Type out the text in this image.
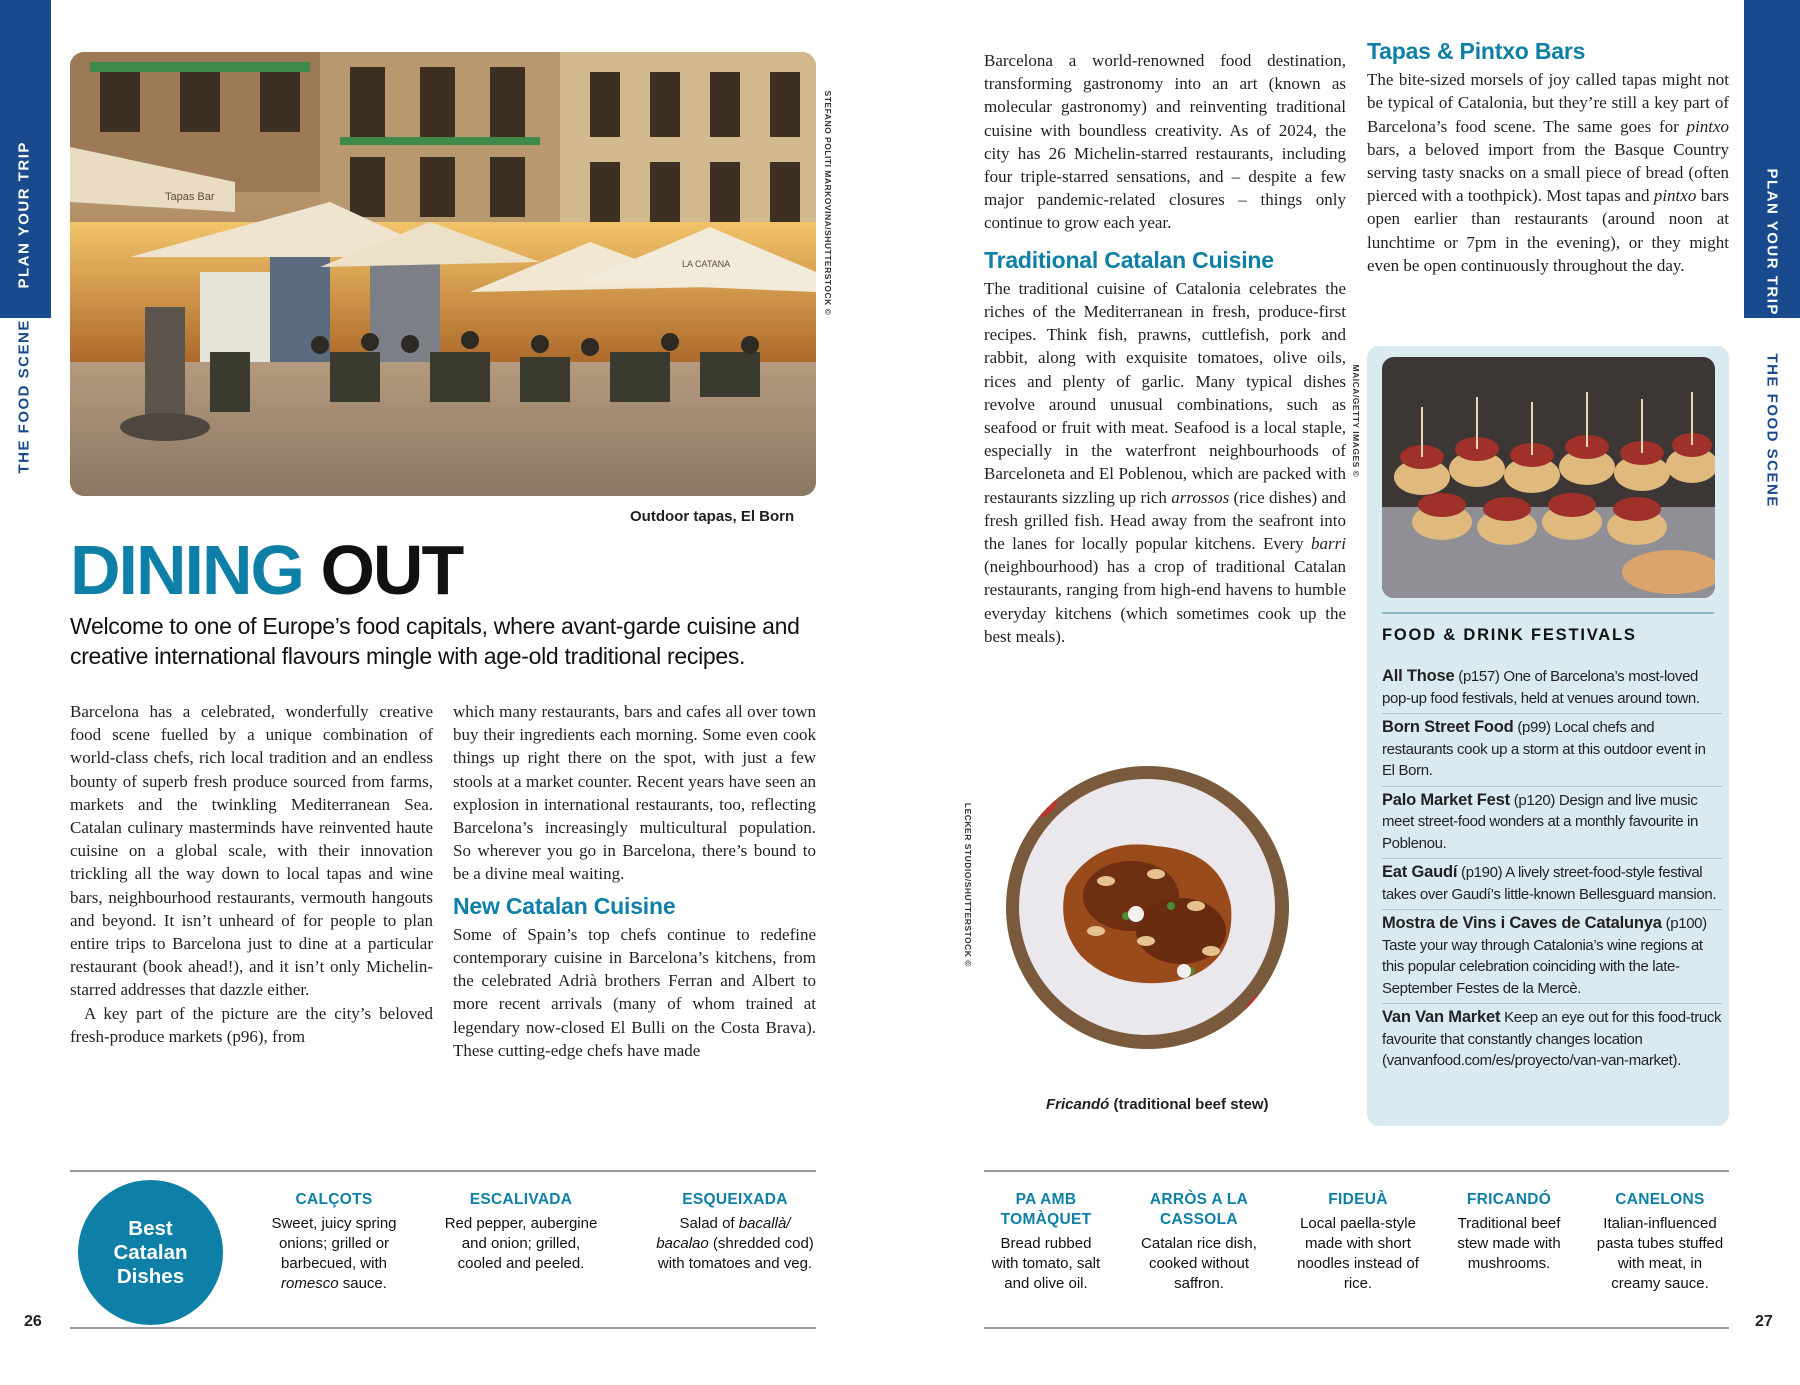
PLAN YOUR TRIP
THE FOOD SCENE
PLAN YOUR TRIP
THE FOOD SCENE
Tapas Bar
LA CATANA	STEFANO POLITI MARKOVINA/SHUTTERSTOCK ©
Outdoor tapas, El Born
DINING OUT
Welcome to one of Europe’s food capitals, where avant-garde cuisine and creative international flavours mingle with age-old traditional recipes.

Barcelona has a celebrated, wonderfully creative food scene fuelled by a unique combination of world-class chefs, rich local tradition and an endless bounty of superb fresh produce sourced from farms, markets and the twinkling Mediterranean Sea. Catalan culinary masterminds have reinvented haute cuisine on a global scale, with their innovation trickling all the way down to local tapas and wine bars, neighbourhood restaurants, vermouth hangouts and beyond. It isn’t unheard of for people to plan entire trips to Barcelona just to dine at a particular restaurant (book ahead!), and it isn’t only Michelin-starred addresses that dazzle either.

A key part of the picture are the city’s beloved fresh-produce markets (p96), from

which many restaurants, bars and cafes all over town buy their ingredients each morning. Some even cook things up right there on the spot, with just a few stools at a market counter. Recent years have seen an explosion in international restaurants, too, reflecting Barcelona’s increasingly multicultural population. So wherever you go in Barcelona, there’s bound to be a divine meal waiting.

New Catalan Cuisine

Some of Spain’s top chefs continue to redefine contemporary cuisine in Barcelona’s kitchens, from the celebrated Adrià brothers Ferran and Albert to more recent arrivals (many of whom trained at legendary now-closed El Bulli on the Costa Brava). These cutting-edge chefs have made

Barcelona a world-renowned food destination, transforming gastronomy into an art (known as molecular gastronomy) and reinventing traditional cuisine with boundless creativity. As of 2024, the city has 26 Michelin-starred restaurants, including four triple-starred sensations, and – despite a few major pandemic-related closures – things only continue to grow each year.

Traditional Catalan Cuisine

The traditional cuisine of Catalonia celebrates the riches of the Mediterranean in fresh, produce-first recipes. Think fish, prawns, cuttlefish, pork and rabbit, along with exquisite tomatoes, olive oils, rices and plenty of garlic. Many typical dishes revolve around unusual combinations, such as seafood or fruit with meat. Seafood is a local staple, especially in the waterfront neighbourhoods of Barceloneta and El Poblenou, which are packed with restaurants sizzling up rich arrossos (rice dishes) and fresh grilled fish. Head away from the seafront into the lanes for locally popular kitchens. Every barri (neighbourhood) has a crop of traditional Catalan restaurants, ranging from high-end havens to humble everyday kitchens (which sometimes cook up the best meals).

Tapas & Pintxo Bars

The bite-sized morsels of joy called tapas might not be typical of Catalonia, but they’re still a key part of Barcelona’s food scene. The same goes for pintxo bars, a beloved import from the Basque Country serving tasty snacks on a small piece of bread (often pierced with a toothpick). Most tapas and pintxo bars open earlier than restaurants (around noon at lunchtime or 7pm in the evening), or they might even be open continuously throughout the day.

MAICA/GETTY IMAGES ©
FOOD & DRINK FESTIVALS
All Those (p157) One of Barcelona’s most-loved pop-up food festivals, held at venues around town.
Born Street Food (p99) Local chefs and restaurants cook up a storm at this outdoor event in El Born.
Palo Market Fest (p120) Design and live music meet street-food wonders at a monthly favourite in Poblenou.
Eat Gaudí (p190) A lively street-food-style festival takes over Gaudí’s little-known Bellesguard mansion.
Mostra de Vins i Caves de Catalunya (p100) Taste your way through Catalonia’s wine regions at this popular celebration coinciding with the late-September Festes de la Mercè.
Van Van Market Keep an eye out for this food-truck favourite that constantly changes location (vanvanfood.com/es/proyecto/van-van-market).
LECKER STUDIO/SHUTTERSTOCK ©
Fricandó (traditional beef stew)
Best
Catalan
Dishes
CALÇOTS
Sweet, juicy spring onions; grilled or barbecued, with romesco sauce.
ESCALIVADA
Red pepper, aubergine and onion; grilled, cooled and peeled.
ESQUEIXADA
Salad of bacallà/ bacalao (shredded cod) with tomatoes and veg.
PA AMB TOMÀQUET
Bread rubbed with tomato, salt and olive oil.
ARRÒS A LA CASSOLA
Catalan rice dish, cooked without saffron.
FIDEUÀ
Local paella-style made with short noodles instead of rice.
FRICANDÓ
Traditional beef stew made with mushrooms.
CANELONS
Italian-influenced pasta tubes stuffed with meat, in creamy sauce.
26	27
